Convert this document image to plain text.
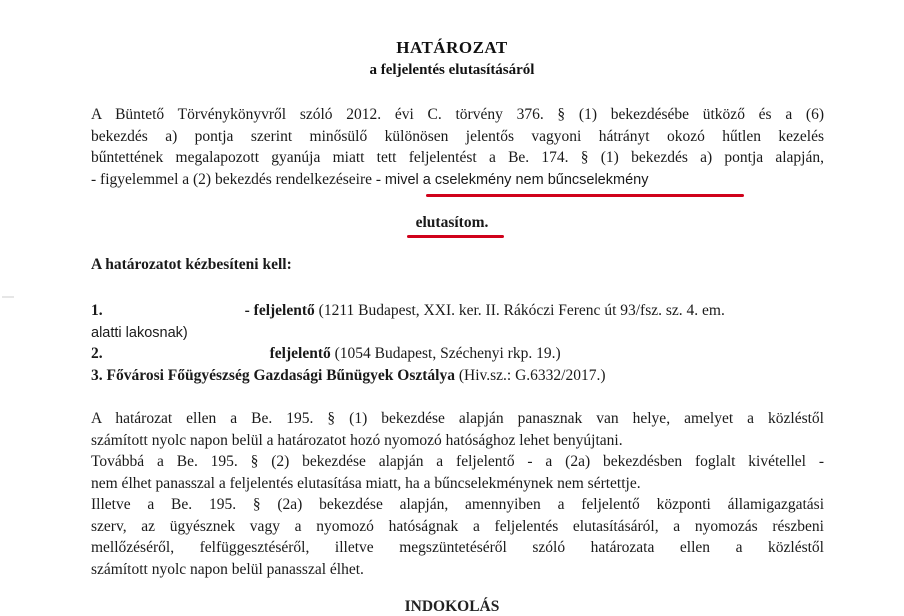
HATÁROZAT
a feljelentés elutasításáról
A Büntető Törvénykönyvről szóló 2012. évi C. törvény 376. § (1) bekezdésébe ütköző és a (6)
bekezdés a) pontja szerint minősülő különösen jelentős vagyoni hátrányt okozó hűtlen kezelés
bűntettének megalapozott gyanúja miatt tett feljelentést a Be. 174. § (1) bekezdés a) pontja alapján,
- figyelemmel a (2) bekezdés rendelkezéseire - mivel a cselekmény nem bűncselekmény
elutasítom.
A határozatot kézbesíteni kell:
1.	- feljelentő (1211 Budapest, XXI. ker. II. Rákóczi Ferenc út 93/fsz. sz. 4. em.
alatti lakosnak)
2.	feljelentő (1054 Budapest, Széchenyi rkp. 19.)
3. Fővárosi Főügyészség Gazdasági Bűnügyek Osztálya (Hiv.sz.: G.6332/2017.)
A határozat ellen a Be. 195. § (1) bekezdése alapján panasznak van helye, amelyet a közléstől
számított nyolc napon belül a határozatot hozó nyomozó hatósághoz lehet benyújtani.
Továbbá a Be. 195. § (2) bekezdése alapján a feljelentő - a (2a) bekezdésben foglalt kivétellel -
nem élhet panasszal a feljelentés elutasítása miatt, ha a bűncselekménynek nem sértettje.
Illetve a Be. 195. § (2a) bekezdése alapján, amennyiben a feljelentő központi államigazgatási
szerv, az ügyésznek vagy a nyomozó hatóságnak a feljelentés elutasításáról, a nyomozás részbeni
mellőzéséről, felfüggesztéséről, illetve megszüntetéséről szóló határozata ellen a közléstől
számított nyolc napon belül panasszal élhet.
INDOKOLÁS
